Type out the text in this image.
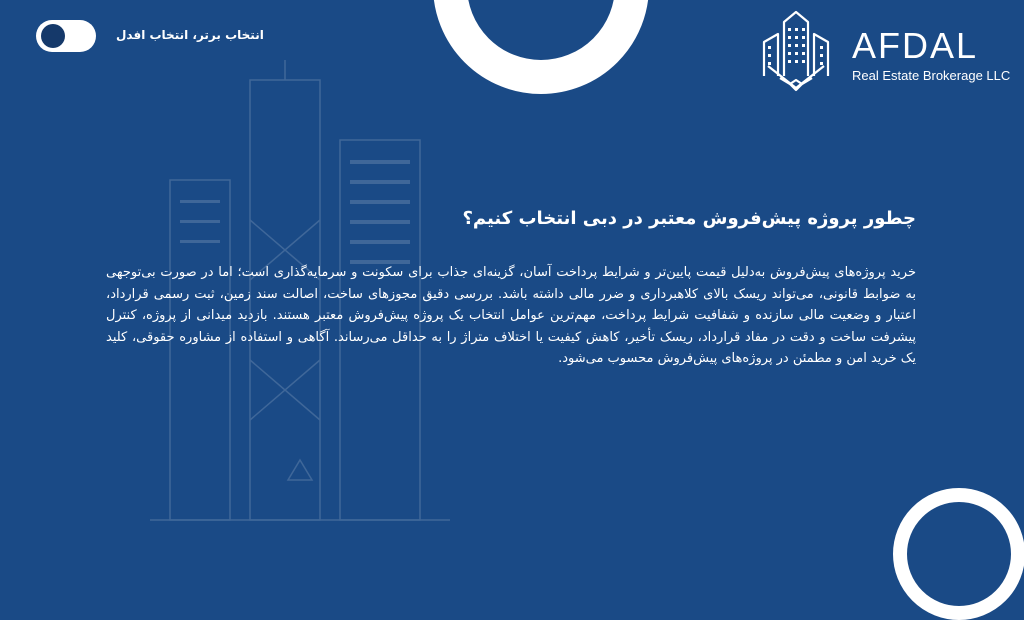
انتخاب برتر، انتخاب افدل	AFDAL
Real Estate Brokerage LLC
چطور پروژه پیش‌فروش معتبر در دبی انتخاب کنیم؟

خرید پروژه‌های پیش‌فروش به‌دلیل قیمت پایین‌تر و شرایط پرداخت آسان، گزینه‌ای جذاب برای سکونت و سرمایه‌گذاری است؛ اما در صورت بی‌توجهی به ضوابط قانونی، می‌تواند ریسک بالای کلاهبرداری و ضرر مالی داشته باشد. بررسی دقیق مجوزهای ساخت، اصالت سند زمین، ثبت رسمی قرارداد، اعتبار و وضعیت مالی سازنده و شفافیت شرایط پرداخت، مهم‌ترین عوامل انتخاب یک پروژه پیش‌فروش معتبر هستند. بازدید میدانی از پروژه، کنترل پیشرفت ساخت و دقت در مفاد قرارداد، ریسک تأخیر، کاهش کیفیت یا اختلاف متراژ را به حداقل می‌رساند. آگاهی و استفاده از مشاوره حقوقی، کلید یک خرید امن و مطمئن در پروژه‌های پیش‌فروش محسوب می‌شود.
